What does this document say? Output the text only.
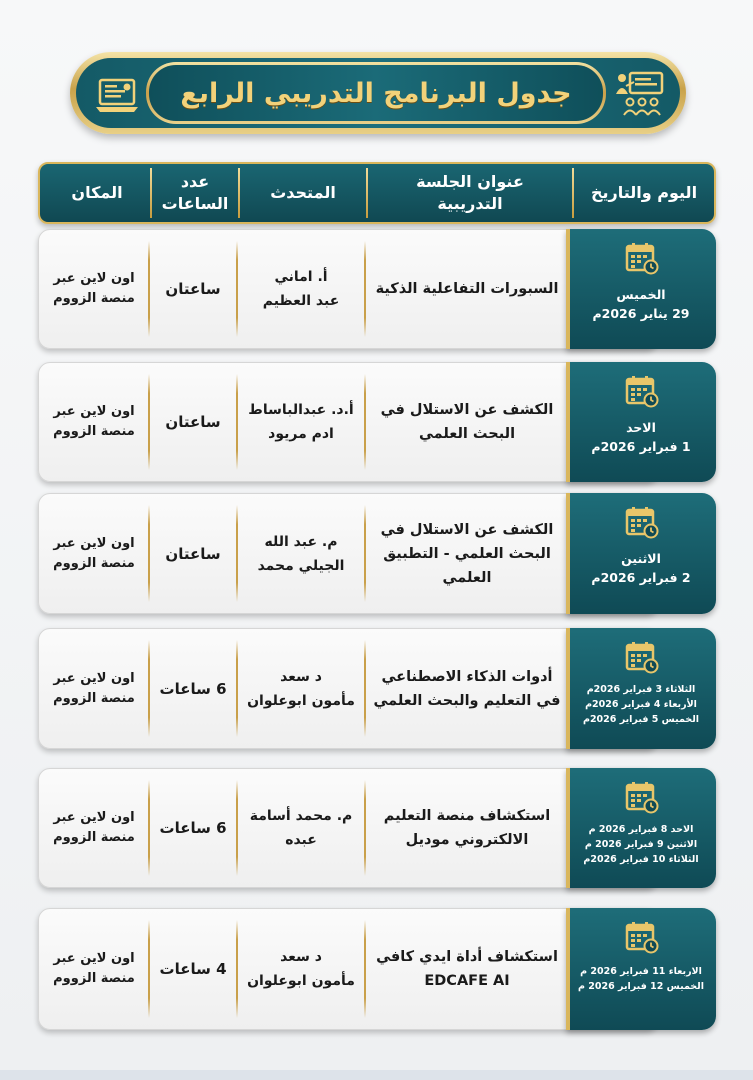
جدول البرنامج التدريبي الرابع
المكان
عدد
الساعات
المتحدث
عنوان الجلسة
التدريبية
اليوم والتاريخ
اون لاين عبر
منصة الزووم
ساعتان
أ. اماني
عبد العظيم
السبورات التفاعلية الذكية	الخميس
29 يناير 2026م
اون لاين عبر
منصة الزووم
ساعتان
أ.د. عبدالباساط
ادم مريود
الكشف عن الاستلال في
البحث العلمي	الاحد
1 فبراير 2026م
اون لاين عبر
منصة الزووم
ساعتان
م. عبد الله
الجيلي محمد
الكشف عن الاستلال في
البحث العلمي - التطبيق
العلمي
الاثنين
2 فبراير 2026م
اون لاين عبر
منصة الزووم
6 ساعات
د سعد
مأمون ابوعلوان
أدوات الذكاء الاصطناعي
في التعليم والبحث العلمي
الثلاثاء 3 فبراير 2026م
الأربعاء 4 فبراير 2026م
الخميس 5 فبراير 2026م
اون لاين عبر
منصة الزووم
6 ساعات
م. محمد أسامة
عبده
استكشاف منصة التعليم
الالكتروني موديل
الاحد 8 فبراير 2026 م
الاثنين 9 فبراير 2026 م
الثلاثاء 10 فبراير 2026م
اون لاين عبر
منصة الزووم
4 ساعات
د سعد
مأمون ابوعلوان
استكشاف أداة ايدي كافي
EDCAFE AI
الاربعاء 11 فبراير 2026 م
الخميس 12 فبراير 2026 م
